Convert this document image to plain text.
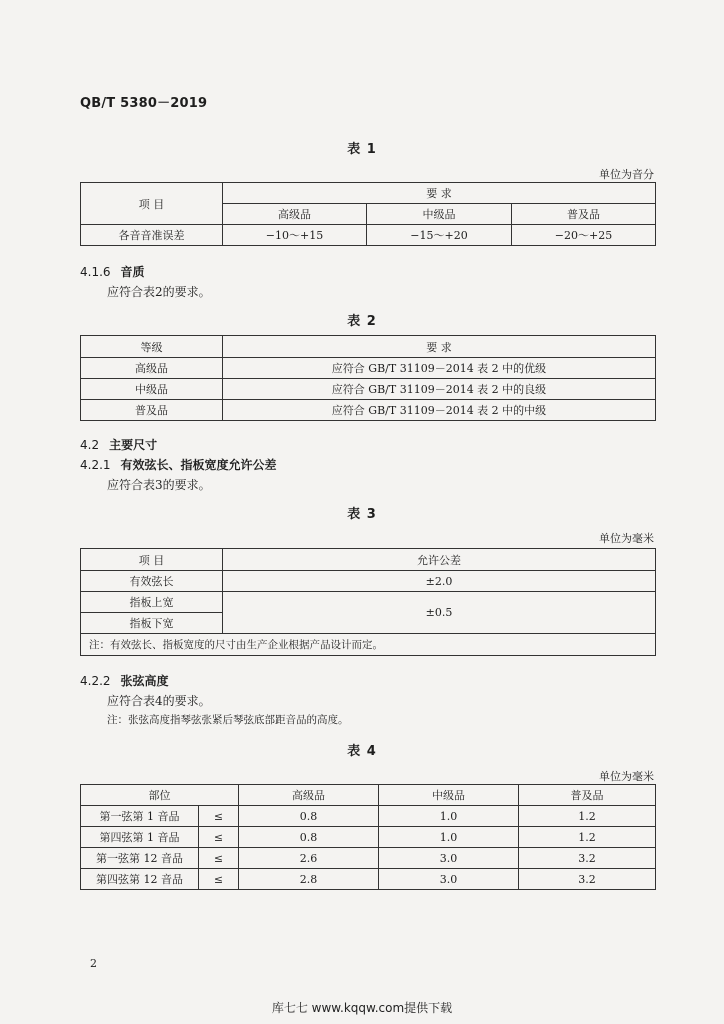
QB/T 5380－2019
表 1
单位为音分
项 目	要 求		
	高级品	中级品	普及品
各音音准误差	−10～+15	−15～+20	−20～+25
4.1.6 音质
应符合表2的要求。
表 2
等级	要 求
高级品	应符合 GB/T 31109－2014 表 2 中的优级
中级品	应符合 GB/T 31109－2014 表 2 中的良级
普及品	应符合 GB/T 31109－2014 表 2 中的中级
4.2 主要尺寸
4.2.1 有效弦长、指板宽度允许公差
应符合表3的要求。
表 3
单位为毫米
项 目	允许公差
有效弦长	±2.0
指板上宽	±0.5
指板下宽	
注：有效弦长、指板宽度的尺寸由生产企业根据产品设计而定。	
4.2.2 张弦高度
应符合表4的要求。
注：张弦高度指琴弦张紧后琴弦底部距音品的高度。
表 4
单位为毫米
部位		高级品	中级品	普及品
第一弦第 1 音品	≤	0.8	1.0	1.2
第四弦第 1 音品	≤	0.8	1.0	1.2
第一弦第 12 音品	≤	2.6	3.0	3.2
第四弦第 12 音品	≤	2.8	3.0	3.2
2
库七七 www.kqqw.com提供下载
